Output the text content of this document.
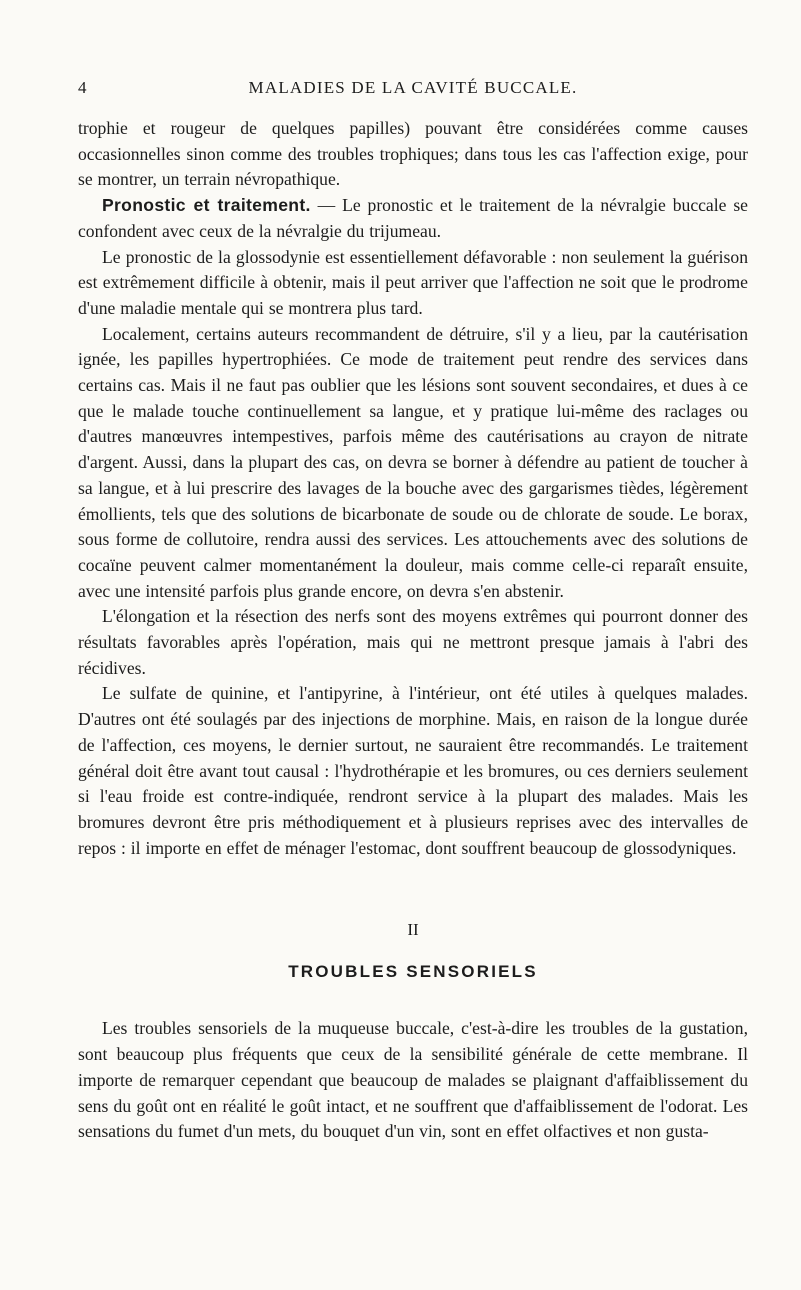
4	MALADIES DE LA CAVITÉ BUCCALE.

trophie et rougeur de quelques papilles) pouvant être considérées comme causes occasionnelles sinon comme des troubles trophiques; dans tous les cas l'affection exige, pour se montrer, un terrain névropathique.

Pronostic et traitement. — Le pronostic et le traitement de la névralgie buccale se confondent avec ceux de la névralgie du trijumeau.

Le pronostic de la glossodynie est essentiellement défavorable : non seulement la guérison est extrêmement difficile à obtenir, mais il peut arriver que l'affection ne soit que le prodrome d'une maladie mentale qui se montrera plus tard.

Localement, certains auteurs recommandent de détruire, s'il y a lieu, par la cautérisation ignée, les papilles hypertrophiées. Ce mode de traitement peut rendre des services dans certains cas. Mais il ne faut pas oublier que les lésions sont souvent secondaires, et dues à ce que le malade touche continuellement sa langue, et y pratique lui-même des raclages ou d'autres manœuvres intempestives, parfois même des cautérisations au crayon de nitrate d'argent. Aussi, dans la plupart des cas, on devra se borner à défendre au patient de toucher à sa langue, et à lui prescrire des lavages de la bouche avec des gargarismes tièdes, légèrement émollients, tels que des solutions de bicarbonate de soude ou de chlorate de soude. Le borax, sous forme de collutoire, rendra aussi des services. Les attouchements avec des solutions de cocaïne peuvent calmer momentanément la douleur, mais comme celle-ci reparaît ensuite, avec une intensité parfois plus grande encore, on devra s'en abstenir.

L'élongation et la résection des nerfs sont des moyens extrêmes qui pourront donner des résultats favorables après l'opération, mais qui ne mettront presque jamais à l'abri des récidives.

Le sulfate de quinine, et l'antipyrine, à l'intérieur, ont été utiles à quelques malades. D'autres ont été soulagés par des injections de morphine. Mais, en raison de la longue durée de l'affection, ces moyens, le dernier surtout, ne sauraient être recommandés. Le traitement général doit être avant tout causal : l'hydrothérapie et les bromures, ou ces derniers seulement si l'eau froide est contre-indiquée, rendront service à la plupart des malades. Mais les bromures devront être pris méthodiquement et à plusieurs reprises avec des intervalles de repos : il importe en effet de ménager l'estomac, dont souffrent beaucoup de glossodyniques.

II
TROUBLES SENSORIELS

Les troubles sensoriels de la muqueuse buccale, c'est-à-dire les troubles de la gustation, sont beaucoup plus fréquents que ceux de la sensibilité générale de cette membrane. Il importe de remarquer cependant que beaucoup de malades se plaignant d'affaiblissement du sens du goût ont en réalité le goût intact, et ne souffrent que d'affaiblissement de l'odorat. Les sensations du fumet d'un mets, du bouquet d'un vin, sont en effet olfactives et non gusta-
